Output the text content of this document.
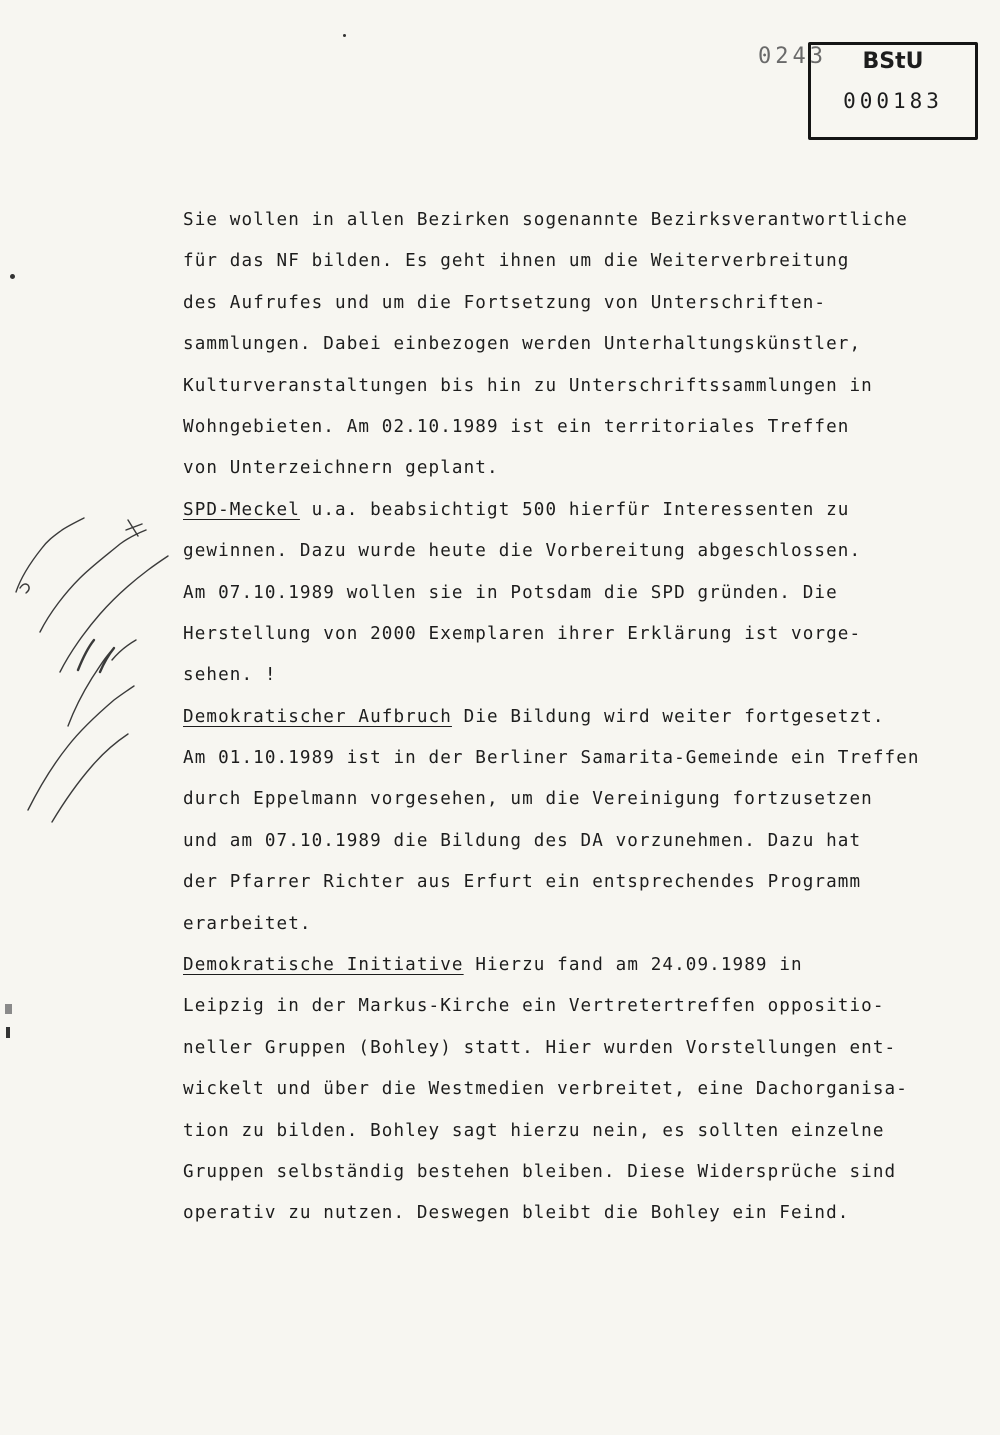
0243	BStU
000183
Sie wollen in allen Bezirken sogenannte Bezirksverantwortliche
für das NF bilden. Es geht ihnen um die Weiterverbreitung
des Aufrufes und um die Fortsetzung von Unterschriften-
sammlungen. Dabei einbezogen werden Unterhaltungskünstler,
Kulturveranstaltungen bis hin zu Unterschriftssammlungen in
Wohngebieten. Am 02.10.1989 ist ein territoriales Treffen
von Unterzeichnern geplant.
SPD-Meckel u.a. beabsichtigt 500 hierfür Interessenten zu
gewinnen. Dazu wurde heute die Vorbereitung abgeschlossen.
Am 07.10.1989 wollen sie in Potsdam die SPD gründen. Die
Herstellung von 2000 Exemplaren ihrer Erklärung ist vorge-
sehen. !
Demokratischer Aufbruch Die Bildung wird weiter fortgesetzt.
Am 01.10.1989 ist in der Berliner Samarita-Gemeinde ein Treffen
durch Eppelmann vorgesehen, um die Vereinigung fortzusetzen
und am 07.10.1989 die Bildung des DA vorzunehmen. Dazu hat
der Pfarrer Richter aus Erfurt ein entsprechendes Programm
erarbeitet.
Demokratische Initiative Hierzu fand am 24.09.1989 in
Leipzig in der Markus-Kirche ein Vertretertreffen oppositio-
neller Gruppen (Bohley) statt. Hier wurden Vorstellungen ent-
wickelt und über die Westmedien verbreitet, eine Dachorganisa-
tion zu bilden. Bohley sagt hierzu nein, es sollten einzelne
Gruppen selbständig bestehen bleiben. Diese Widersprüche sind
operativ zu nutzen. Deswegen bleibt die Bohley ein Feind.
